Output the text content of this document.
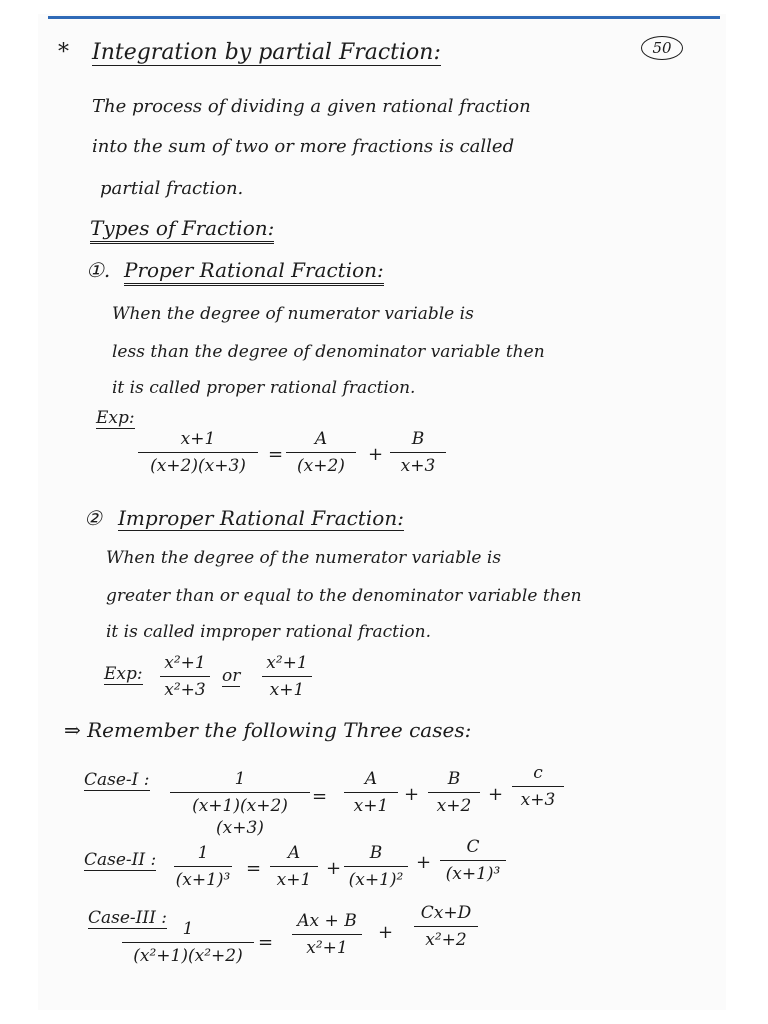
50
* Integration by partial Fraction:
The process of dividing a given rational fraction
into the sum of two or more fractions is called
partial fraction.
Types of Fraction:
①. Proper Rational Fraction:
When the degree of numerator variable is
less than the degree of denominator variable then
it is called proper rational fraction.
Exp:
x+1
(x+2)(x+3)
=
A
(x+2)
+
B
x+3
② Improper Rational Fraction:
When the degree of the numerator variable is
greater than or equal to the denominator variable then
it is called improper rational fraction.
Exp:
x²+1
x²+3
or
x²+1
x+1
⇒ Remember the following Three cases:
Case-I :	1
(x+1)(x+2)(x+3)
=
A
x+1
+
B
x+2
+
c
x+3
Case-II :	1
(x+1)³
=
A
x+1
+
B
(x+1)²
+
C
(x+1)³
Case-III :
1
(x²+1)(x²+2)
=
Ax + B
x²+1
+
Cx+D
x²+2
